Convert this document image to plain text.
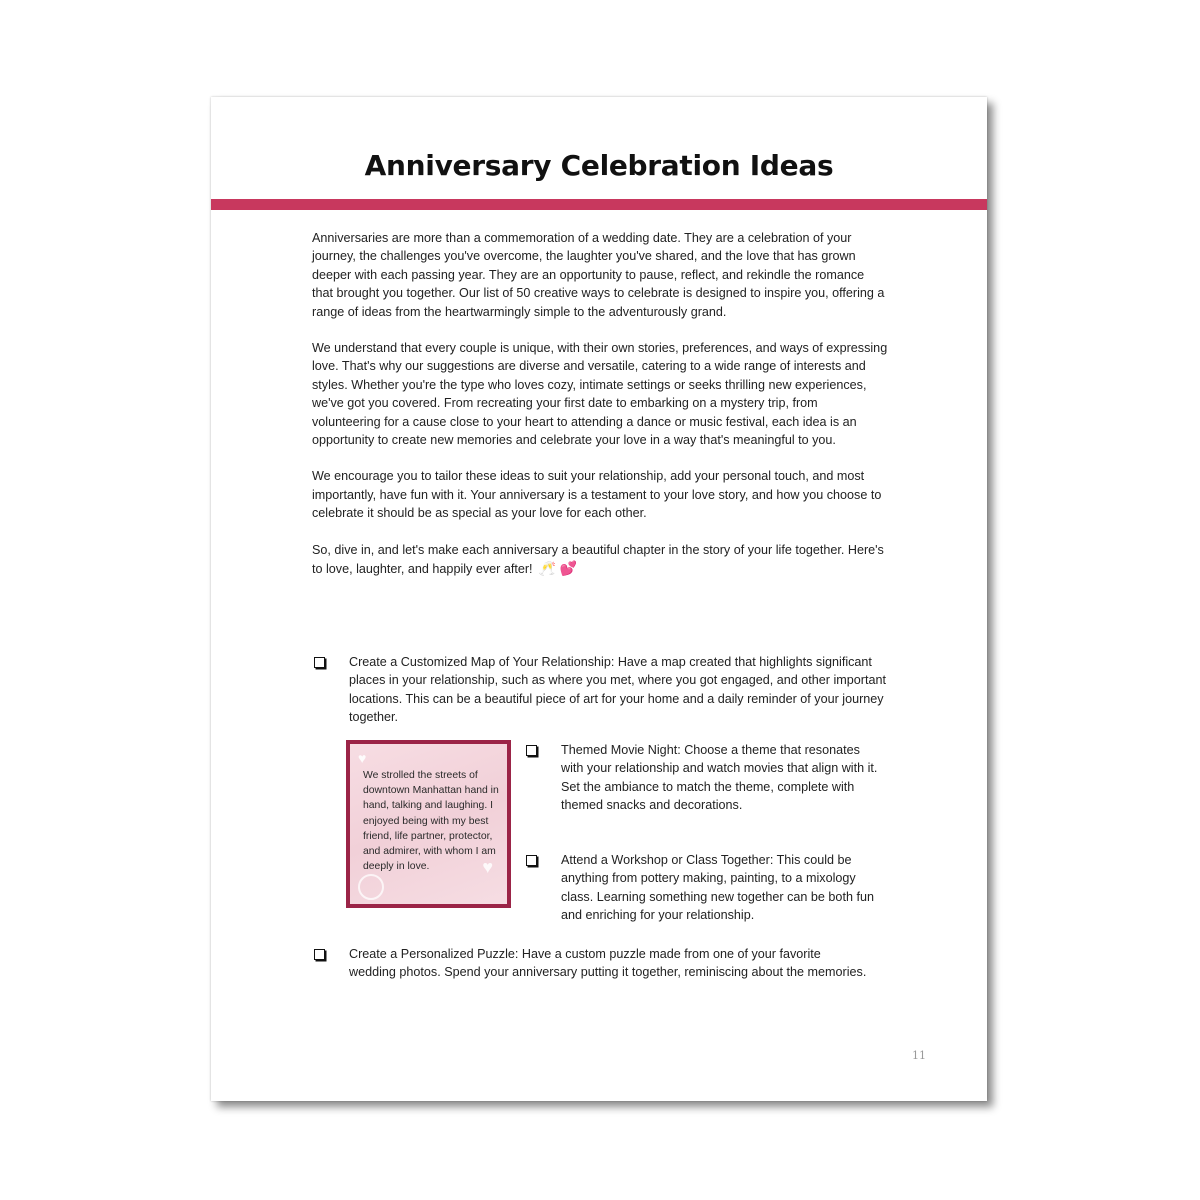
Anniversary Celebration Ideas

Anniversaries are more than a commemoration of a wedding date. They are a celebration of your journey, the challenges you've overcome, the laughter you've shared, and the love that has grown deeper with each passing year. They are an opportunity to pause, reflect, and rekindle the romance that brought you together. Our list of 50 creative ways to celebrate is designed to inspire you, offering a range of ideas from the heartwarmingly simple to the adventurously grand.

We understand that every couple is unique, with their own stories, preferences, and ways of expressing love. That's why our suggestions are diverse and versatile, catering to a wide range of interests and styles. Whether you're the type who loves cozy, intimate settings or seeks thrilling new experiences, we've got you covered. From recreating your first date to embarking on a mystery trip, from volunteering for a cause close to your heart to attending a dance or music festival, each idea is an opportunity to create new memories and celebrate your love in a way that's meaningful to you.

We encourage you to tailor these ideas to suit your relationship, add your personal touch, and most importantly, have fun with it. Your anniversary is a testament to your love story, and how you choose to celebrate it should be as special as your love for each other.

So, dive in, and let's make each anniversary a beautiful chapter in the story of your life together. Here's to love, laughter, and happily ever after! 🥂 💕

Create a Customized Map of Your Relationship: Have a map created that highlights significant places in your relationship, such as where you met, where you got engaged, and other important locations. This can be a beautiful piece of art for your home and a daily reminder of your journey together.
♥
♥
We strolled the streets of downtown Manhattan hand in hand, talking and laughing. I enjoyed being with my best friend, life partner, protector, and admirer, with whom I am deeply in love.
Themed Movie Night: Choose a theme that resonates with your relationship and watch movies that align with it. Set the ambiance to match the theme, complete with themed snacks and decorations.
Attend a Workshop or Class Together: This could be anything from pottery making, painting, to a mixology class. Learning something new together can be both fun and enriching for your relationship.
Create a Personalized Puzzle: Have a custom puzzle made from one of your favorite wedding photos. Spend your anniversary putting it together, reminiscing about the memories.
11
